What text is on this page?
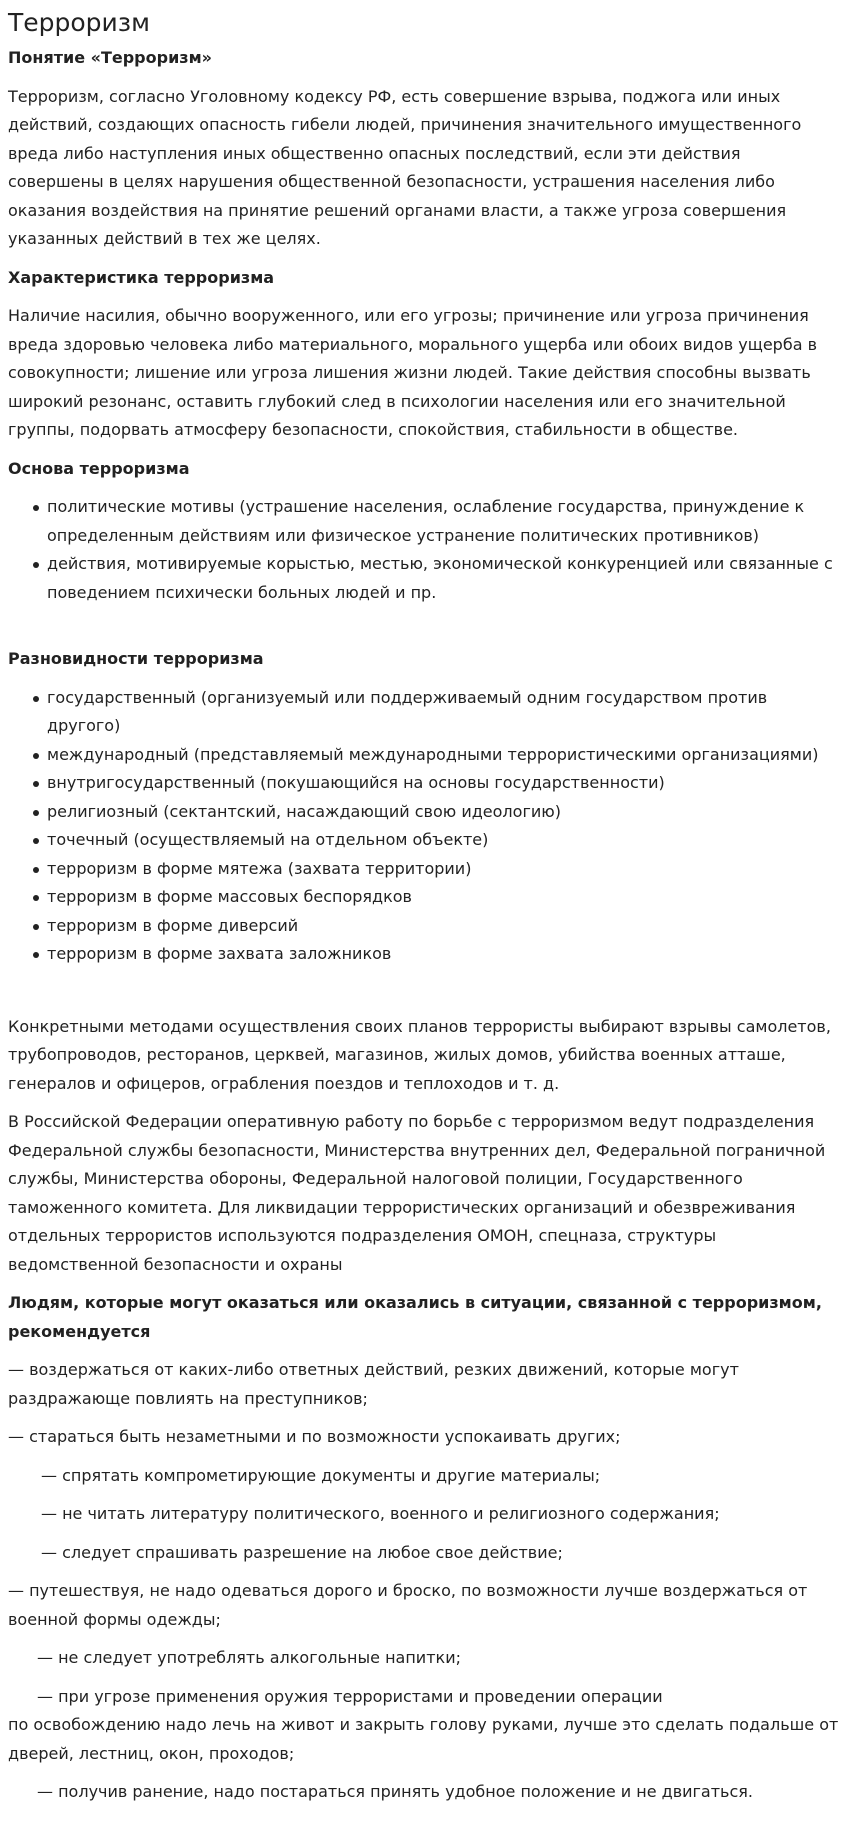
Терроризм
Понятие «Терроризм»

Терроризм, согласно Уголовному кодексу РФ, есть совершение взрыва, поджога или иных действий, создающих опасность гибели людей, причинения значительного имущественного вреда либо наступления иных общественно опасных последствий, если эти действия совершены в целях нарушения общественной безопасности, устрашения населения либо оказания воздействия на принятие решений органами власти, а также угроза совершения указанных действий в тех же целях.

Характеристика терроризма

Наличие насилия, обычно вооруженного, или его угрозы; причинение или угроза причинения вреда здоровью человека либо материального, морального ущерба или обоих видов ущерба в совокупности; лишение или угроза лишения жизни людей. Такие действия способны вызвать широкий резонанс, оставить глубокий след в психологии населения или его значительной группы, подорвать атмосферу безопасности, спокойствия, стабильности в обществе.

Основа терроризма
политические мотивы (устрашение населения, ослабление государства, принуждение к определенным действиям или физическое устранение политических противников)
действия, мотивируемые корыстью, местью, экономической конкуренцией или связанные с поведением психически больных людей и пр.
Разновидности терроризма
государственный (организуемый или поддерживаемый одним государством против другого)
международный (представляемый международными террористическими организациями)
внутригосударственный (покушающийся на основы государственности)
религиозный (сектантский, насаждающий свою идеологию)
точечный (осуществляемый на отдельном объекте)
терроризм в форме мятежа (захвата территории)
терроризм в форме массовых беспорядков
терроризм в форме диверсий
терроризм в форме захвата заложников

Конкретными методами осуществления своих планов террористы выбирают взрывы самолетов, трубопроводов, ресторанов, церквей, магазинов, жилых домов, убийства военных атташе, генералов и офицеров, ограбления поездов и теплоходов и т. д.

В Российской Федерации оперативную работу по борьбе с терроризмом ведут подразделения Федеральной службы безопасности, Министерства внутренних дел, Федеральной пограничной службы, Министерства обороны, Федеральной налоговой полиции, Государственного таможенного комитета. Для ликвидации террористических организаций и обезвреживания отдельных террористов используются подразделения ОМОН, спецназа, структуры ведомственной безопасности и охраны

Людям, которые могут оказаться или оказались в ситуации, связанной с терроризмом, рекомендуется

— воздержаться от каких-либо ответных действий, резких движений, которые могут раздражающе повлиять на преступников;

— стараться быть незаметными и по возможности успокаивать других;

— спрятать компрометирующие документы и другие материалы;

— не читать литературу политического, военного и религиозного содержания;

— следует спрашивать разрешение на любое свое действие;

— путешествуя, не надо одеваться дорого и броско, по возможности лучше воздержаться от военной формы одежды;

— не следует употреблять алкогольные напитки;

— при угрозе применения оружия террористами и проведении операции

по освобождению надо лечь на живот и закрыть голову руками, лучше это сделать подальше от дверей, лестниц, окон, проходов;

— получив ранение, надо постараться принять удобное положение и не двигаться.
